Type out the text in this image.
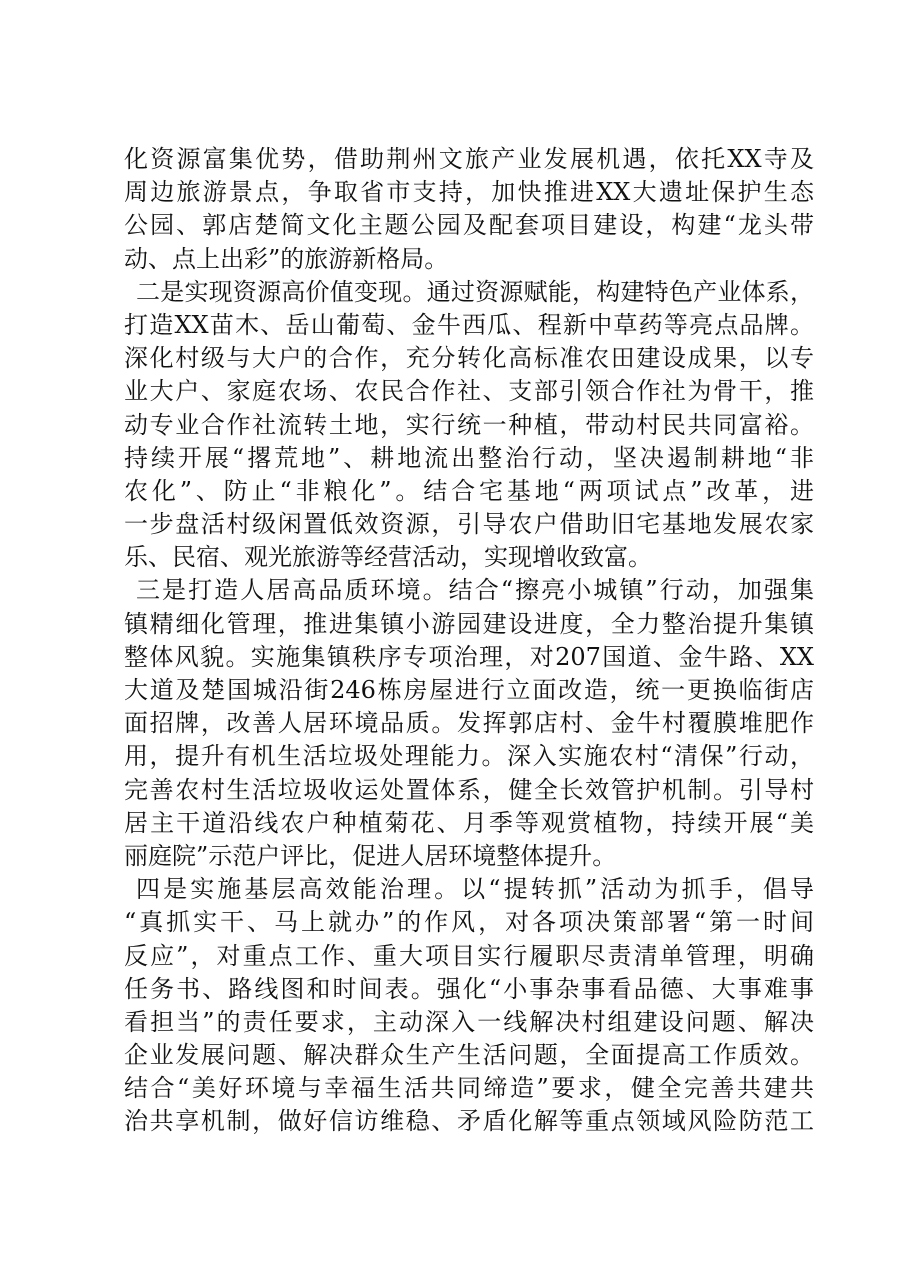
化资源富集优势，借助荆州文旅产业发展机遇，依托XX寺及
周边旅游景点，争取省市支持，加快推进XX大遗址保护生态
公园、郭店楚简文化主题公园及配套项目建设，构建“龙头带
动、点上出彩”的旅游新格局。
二是实现资源高价值变现。通过资源赋能，构建特色产业体系，
打造XX苗木、岳山葡萄、金牛西瓜、程新中草药等亮点品牌。
深化村级与大户的合作，充分转化高标准农田建设成果，以专
业大户、家庭农场、农民合作社、支部引领合作社为骨干，推
动专业合作社流转土地，实行统一种植，带动村民共同富裕。
持续开展“撂荒地”、耕地流出整治行动，坚决遏制耕地“非
农化”、防止“非粮化”。结合宅基地“两项试点”改革，进
一步盘活村级闲置低效资源，引导农户借助旧宅基地发展农家
乐、民宿、观光旅游等经营活动，实现增收致富。
三是打造人居高品质环境。结合“擦亮小城镇”行动，加强集
镇精细化管理，推进集镇小游园建设进度，全力整治提升集镇
整体风貌。实施集镇秩序专项治理，对207国道、金牛路、XX
大道及楚国城沿街246栋房屋进行立面改造，统一更换临街店
面招牌，改善人居环境品质。发挥郭店村、金牛村覆膜堆肥作
用，提升有机生活垃圾处理能力。深入实施农村“清保”行动，
完善农村生活垃圾收运处置体系，健全长效管护机制。引导村
居主干道沿线农户种植菊花、月季等观赏植物，持续开展“美
丽庭院”示范户评比，促进人居环境整体提升。
四是实施基层高效能治理。以“提转抓”活动为抓手，倡导
“真抓实干、马上就办”的作风，对各项决策部署“第一时间
反应”，对重点工作、重大项目实行履职尽责清单管理，明确
任务书、路线图和时间表。强化“小事杂事看品德、大事难事
看担当”的责任要求，主动深入一线解决村组建设问题、解决
企业发展问题、解决群众生产生活问题，全面提高工作质效。
结合“美好环境与幸福生活共同缔造”要求，健全完善共建共
治共享机制，做好信访维稳、矛盾化解等重点领域风险防范工
